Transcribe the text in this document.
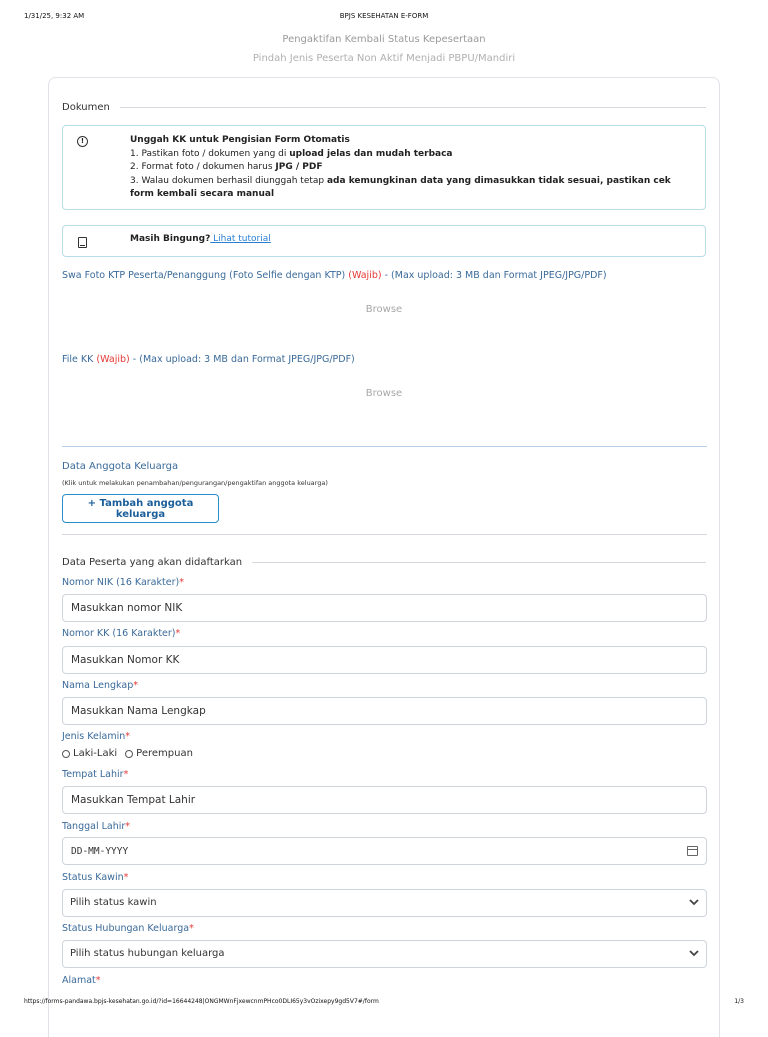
1/31/25, 9:32 AM	BPJS KESEHATAN E-FORM
Pengaktifan Kembali Status Kepesertaan
Pindah Jenis Peserta Non Aktif Menjadi PBPU/Mandiri
Dokumen
!	Unggah KK untuk Pengisian Form Otomatis
1. Pastikan foto / dokumen yang di upload jelas dan mudah terbaca
2. Format foto / dokumen harus JPG / PDF
3. Walau dokumen berhasil diunggah tetap ada kemungkinan data yang dimasukkan tidak sesuai, pastikan cek form kembali secara manual
Masih Bingung? Lihat tutorial
Swa Foto KTP Peserta/Penanggung (Foto Selfie dengan KTP) (Wajib) - (Max upload: 3 MB dan Format JPEG/JPG/PDF)
Browse
File KK (Wajib) - (Max upload: 3 MB dan Format JPEG/JPG/PDF)
Browse
Data Anggota Keluarga
(Klik untuk melakukan penambahan/pengurangan/pengaktifan anggota keluarga)
+ Tambah anggota keluarga
Data Peserta yang akan didaftarkan
Nomor NIK (16 Karakter)*
Masukkan nomor NIK
Nomor KK (16 Karakter)*
Masukkan Nomor KK
Nama Lengkap*
Masukkan Nama Lengkap
Jenis Kelamin*
Laki-Laki Perempuan
Tempat Lahir*
Masukkan Tempat Lahir
Tanggal Lahir*
DD-MM-YYYY
Status Kawin*
Pilih status kawin
Status Hubungan Keluarga*
Pilih status hubungan keluarga
Alamat*
https://forms-pandawa.bpjs-kesehatan.go.id/?id=16644248|ONGMWnFjxewcnmPHco0DLI65y3vOzixepy9gd5V7#/form	1/3
